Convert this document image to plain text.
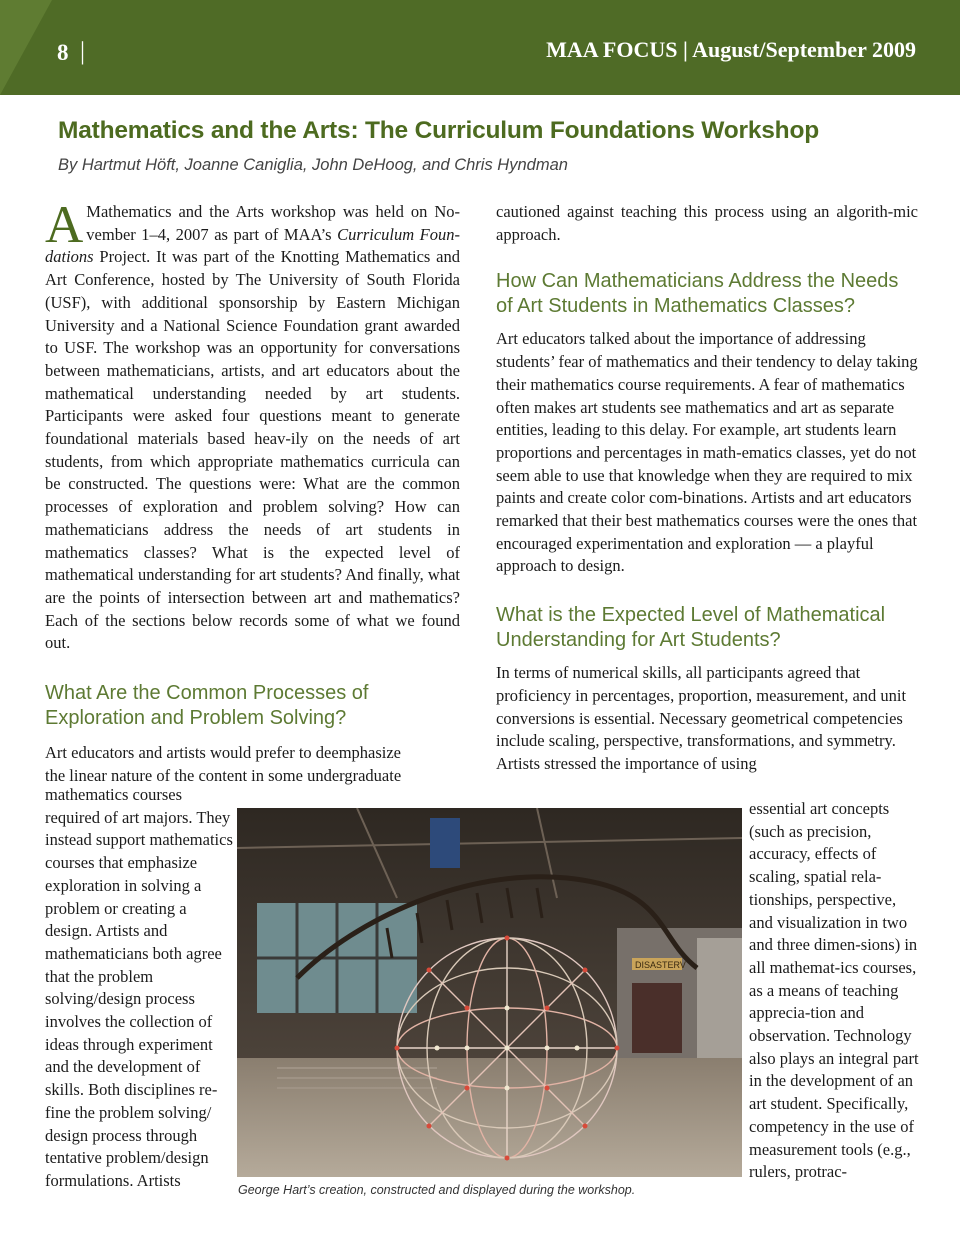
8 |	MAA FOCUS | August/September 2009
Mathematics and the Arts: The Curriculum Foundations Workshop
By Hartmut Höft, Joanne Caniglia, John DeHoog, and Chris Hyndman

A Mathematics and the Arts workshop was held on No- vember 1–4, 2007 as part of MAA’s Curriculum Foun- dations Project. It was part of the Knotting Mathematics and Art Conference, hosted by The University of South Florida (USF), with additional sponsorship by Eastern Michigan University and a National Science Foundation grant awarded to USF. The workshop was an opportunity for conversations between mathematicians, artists, and art educators about the mathematical understanding needed by art students. Participants were asked four questions meant to generate foundational materials based heav-ily on the needs of art students, from which appropriate mathematics curricula can be constructed. The questions were: What are the common processes of exploration and problem solving? How can mathematicians address the needs of art students in mathematics classes? What is the expected level of mathematical understanding for art students? And finally, what are the points of intersection between art and mathematics? Each of the sections below records some of what we found out.

What Are the Common Processes of Exploration and Problem Solving?
Art educators and artists would prefer to deemphasize
the linear nature of the content in some undergraduate

mathematics courses required of art majors. They instead support mathematics courses that emphasize exploration in solving a problem or creating a design. Artists and mathematicians both agree that the problem solving/design process involves the collection of ideas through experiment and the development of skills. Both disciplines re-fine the problem solving/ design process through tentative problem/design formulations. Artists

cautioned against teaching this process using an algorith-mic approach.

How Can Mathematicians Address the Needs of Art Students in Mathematics Classes?

Art educators talked about the importance of addressing students’ fear of mathematics and their tendency to delay taking their mathematics course requirements. A fear of mathematics often makes art students see mathematics and art as separate entities, leading to this delay. For example, art students learn proportions and percentages in math-ematics classes, yet do not seem able to use that knowledge when they are required to mix paints and create color com-binations. Artists and art educators remarked that their best mathematics courses were the ones that encouraged experimentation and exploration — a playful approach to design.

What is the Expected Level of Mathematical Understanding for Art Students?

In terms of numerical skills, all participants agreed that proficiency in percentages, proportion, measurement, and unit conversions is essential. Necessary geometrical competencies include scaling, perspective, transformations, and symmetry. Artists stressed the importance of using

essential art concepts (such as precision, accuracy, effects of scaling, spatial rela-tionships, perspective, and visualization in two and three dimen-sions) in all mathemat-ics courses, as a means of teaching apprecia-tion and observation. Technology also plays an integral part in the development of an art student. Specifically, competency in the use of measurement tools (e.g., rulers, protrac-

DISASTERV
George Hart’s creation, constructed and displayed during the workshop.
